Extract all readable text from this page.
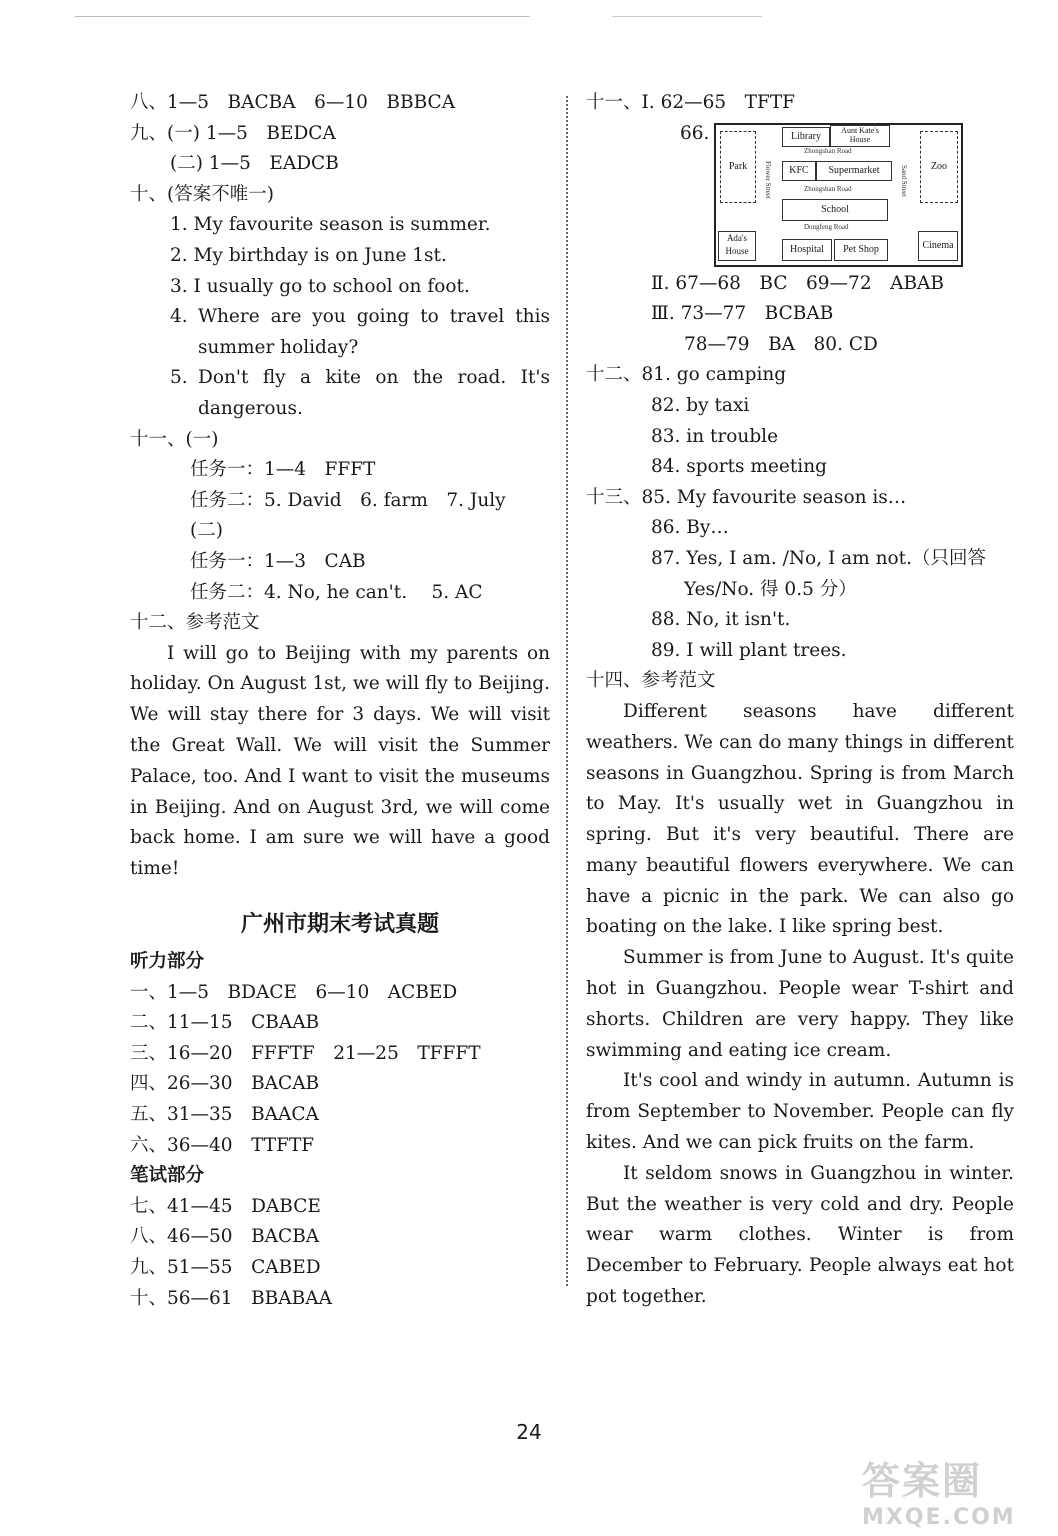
八、1—5　BACBA　6—10　BBBCA
九、(一) 1—5　BEDCA
(二) 1—5　EADCB
十、(答案不唯一)
1. My favourite season is summer.
2. My birthday is on June 1st.
3. I usually go to school on foot.
4. Where are you going to travel this
summer holiday?
5. Don't fly a kite on the road. It's
dangerous.
十一、(一)
任务一：1—4　FFFT
任务二：5. David　6. farm　7. July
(二)
任务一：1—3　CAB
任务二：4. No, he can't.　 5. AC
十二、参考范文

I will go to Beijing with my parents on holiday. On August 1st, we will fly to Beijing. We will stay there for 3 days. We will visit the Great Wall. We will visit the Summer Palace, too. And I want to visit the museums in Beijing. And on August 3rd, we will come back home. I am sure we will have a good time!

广州市期末考试真题
听力部分
一、1—5　BDACE　6—10　ACBED
二、11—15　CBAAB
三、16—20　FFFTF　21—25　TFFFT
四、26—30　BACAB
五、31—35　BAACA
六、36—40　TTFTF
笔试部分
七、41—45　DABCE
八、46—50　BACBA
九、51—55　CABED
十、56—61　BBABAA
十一、Ⅰ. 62—65　TFTF
66.	Library
Aunt Kate's House
Zhongshan Road
Park	KFC	Supermarket	Zoo
Flower Street	Sand Street
Zhongshan Road
School
Dongfeng Road
Ada's House	Hospital	Pet Shop	Cinema
Ⅱ. 67—68　BC　69—72　ABAB
Ⅲ. 73—77　BCBAB
78—79　BA　80. CD
十二、81. go camping
82. by taxi
83. in trouble
84. sports meeting
十三、85. My favourite season is…
86. By…
87. Yes, I am. /No, I am not.（只回答
Yes/No. 得 0.5 分）
88. No, it isn't.
89. I will plant trees.
十四、参考范文

Different seasons have different weathers. We can do many things in different seasons in Guangzhou. Spring is from March to May. It's usually wet in Guangzhou in spring. But it's very beautiful. There are many beautiful flowers everywhere. We can have a picnic in the park. We can also go boating on the lake. I like spring best.

Summer is from June to August. It's quite hot in Guangzhou. People wear T-shirt and shorts. Children are very happy. They like swimming and eating ice cream.

It's cool and windy in autumn. Autumn is from September to November. People can fly kites. And we can pick fruits on the farm.

It seldom snows in Guangzhou in winter. But the weather is very cold and dry. People wear warm clothes. Winter is from December to February. People always eat hot pot together.

24
答案圈
MXQE.COM
